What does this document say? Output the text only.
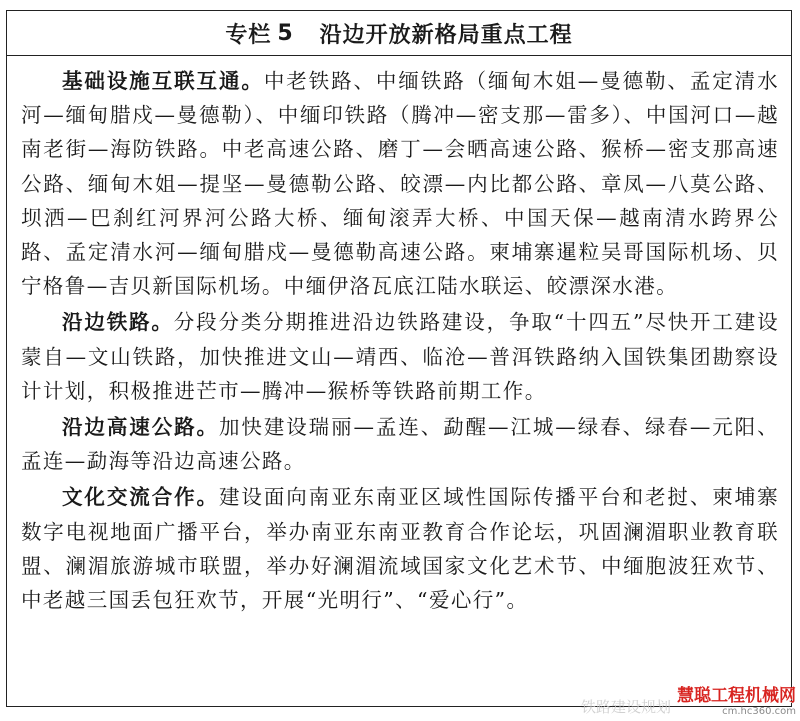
专栏 5 沿边开放新格局重点工程

基础设施互联互通。中老铁路、中缅铁路（缅甸木姐—曼德勒、孟定清水河—缅甸腊戍—曼德勒）、中缅印铁路（腾冲—密支那—雷多）、中国河口—越南老街—海防铁路。中老高速公路、磨丁—会晒高速公路、猴桥—密支那高速公路、缅甸木姐—提坚—曼德勒公路、皎漂—内比都公路、章凤—八莫公路、坝洒—巴刹红河界河公路大桥、缅甸滚弄大桥、中国天保—越南清水跨界公路、孟定清水河—缅甸腊戍—曼德勒高速公路。柬埔寨暹粒吴哥国际机场、贝宁格鲁—吉贝新国际机场。中缅伊洛瓦底江陆水联运、皎漂深水港。

沿边铁路。分段分类分期推进沿边铁路建设，争取“十四五”尽快开工建设蒙自—文山铁路，加快推进文山—靖西、临沧—普洱铁路纳入国铁集团勘察设计计划，积极推进芒市—腾冲—猴桥等铁路前期工作。

沿边高速公路。加快建设瑞丽—孟连、勐醒—江城—绿春、绿春—元阳、孟连—勐海等沿边高速公路。

文化交流合作。建设面向南亚东南亚区域性国际传播平台和老挝、柬埔寨数字电视地面广播平台，举办南亚东南亚教育合作论坛，巩固澜湄职业教育联盟、澜湄旅游城市联盟，举办好澜湄流域国家文化艺术节、中缅胞波狂欢节、中老越三国丢包狂欢节，开展“光明行”、“爱心行”。

铁路建设规划
慧聪工程机械网
cm.hc360.com
